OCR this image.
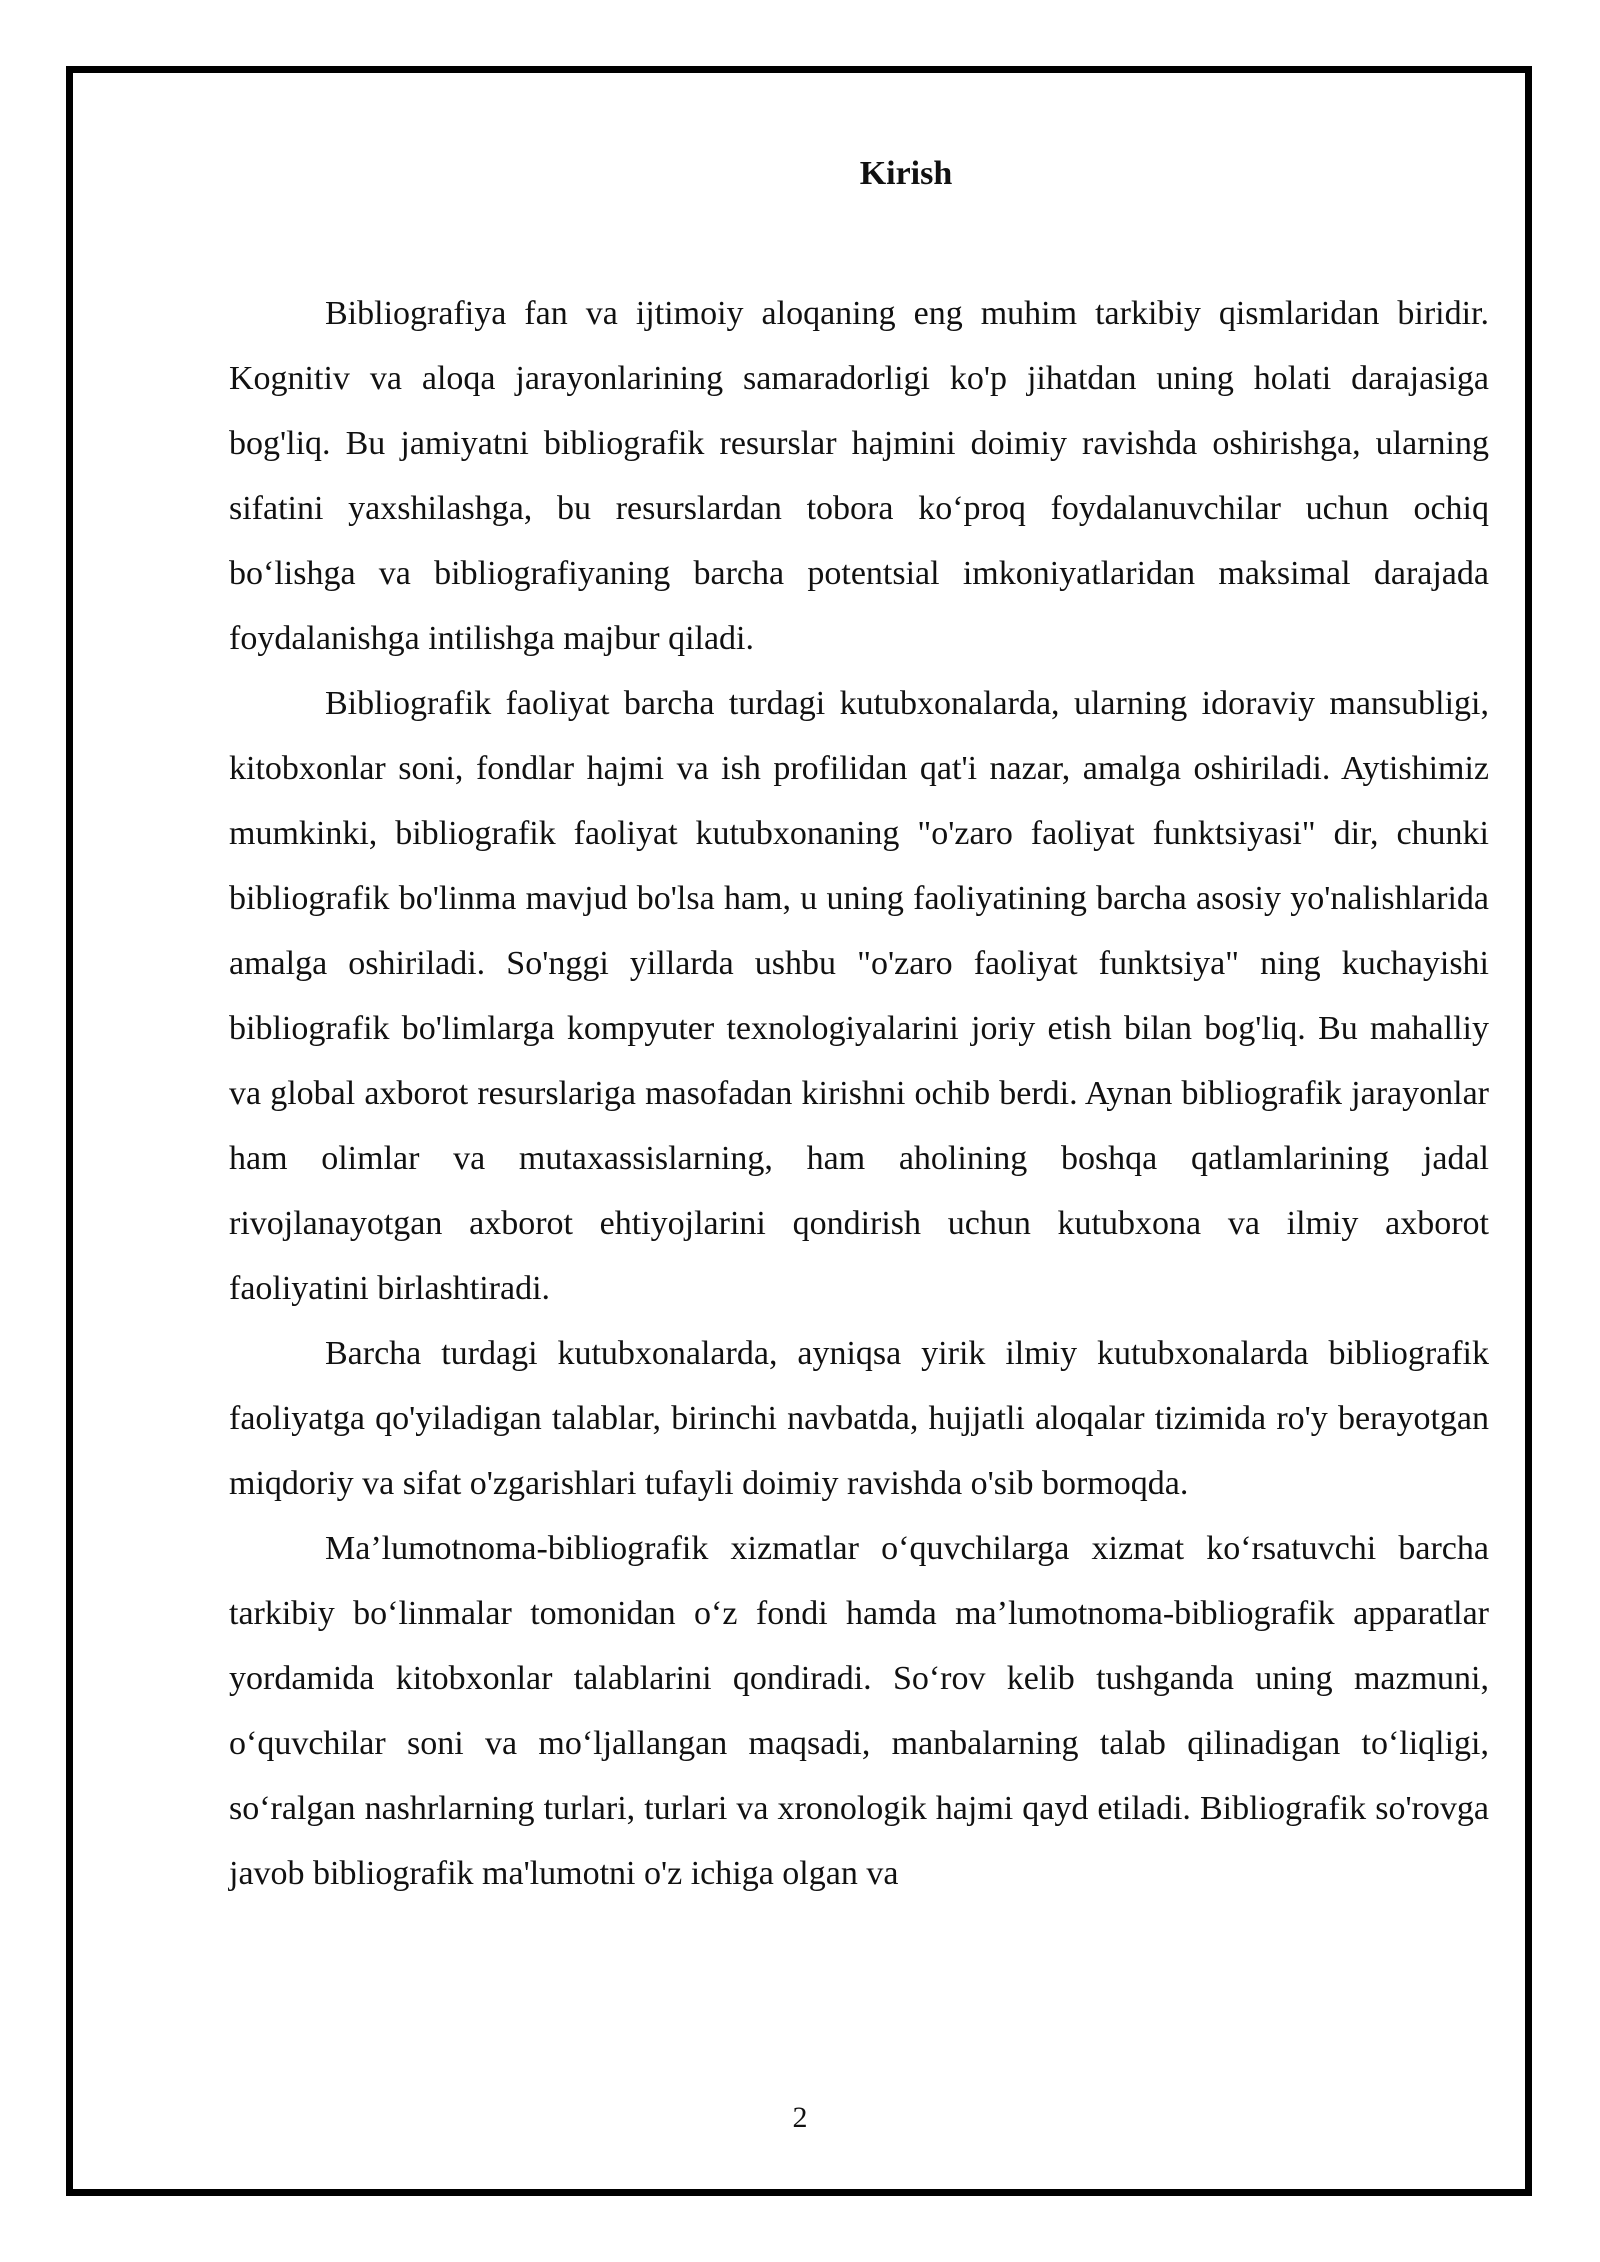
Kirish

Bibliografiya fan va ijtimoiy aloqaning eng muhim tarkibiy qismlaridan biridir. Kognitiv va aloqa jarayonlarining samaradorligi ko'p jihatdan uning holati darajasiga bog'liq. Bu jamiyatni bibliografik resurslar hajmini doimiy ravishda oshirishga, ularning sifatini yaxshilashga, bu resurslardan tobora ko‘proq foydalanuvchilar uchun ochiq bo‘lishga va bibliografiyaning barcha potentsial imkoniyatlaridan maksimal darajada foydalanishga intilishga majbur qiladi.

Bibliografik faoliyat barcha turdagi kutubxonalarda, ularning idoraviy mansubligi, kitobxonlar soni, fondlar hajmi va ish profilidan qat'i nazar, amalga oshiriladi. Aytishimiz mumkinki, bibliografik faoliyat kutubxonaning "o'zaro faoliyat funktsiyasi" dir, chunki bibliografik bo'linma mavjud bo'lsa ham, u uning faoliyatining barcha asosiy yo'nalishlarida amalga oshiriladi. So'nggi yillarda ushbu "o'zaro faoliyat funktsiya" ning kuchayishi bibliografik bo'limlarga kompyuter texnologiyalarini joriy etish bilan bog'liq. Bu mahalliy va global axborot resurslariga masofadan kirishni ochib berdi. Aynan bibliografik jarayonlar ham olimlar va mutaxassislarning, ham aholining boshqa qatlamlarining jadal rivojlanayotgan axborot ehtiyojlarini qondirish uchun kutubxona va ilmiy axborot faoliyatini birlashtiradi.

Barcha turdagi kutubxonalarda, ayniqsa yirik ilmiy kutubxonalarda bibliografik faoliyatga qo'yiladigan talablar, birinchi navbatda, hujjatli aloqalar tizimida ro'y berayotgan miqdoriy va sifat o'zgarishlari tufayli doimiy ravishda o'sib bormoqda.

Ma’lumotnoma-bibliografik xizmatlar o‘quvchilarga xizmat ko‘rsatuvchi barcha tarkibiy bo‘linmalar tomonidan o‘z fondi hamda ma’lumotnoma-bibliografik apparatlar yordamida kitobxonlar talablarini qondiradi. So‘rov kelib tushganda uning mazmuni, o‘quvchilar soni va mo‘ljallangan maqsadi, manbalarning talab qilinadigan to‘liqligi, so‘ralgan nashrlarning turlari, turlari va xronologik hajmi qayd etiladi. Bibliografik so'rovga javob bibliografik ma'lumotni o'z ichiga olgan va

2
